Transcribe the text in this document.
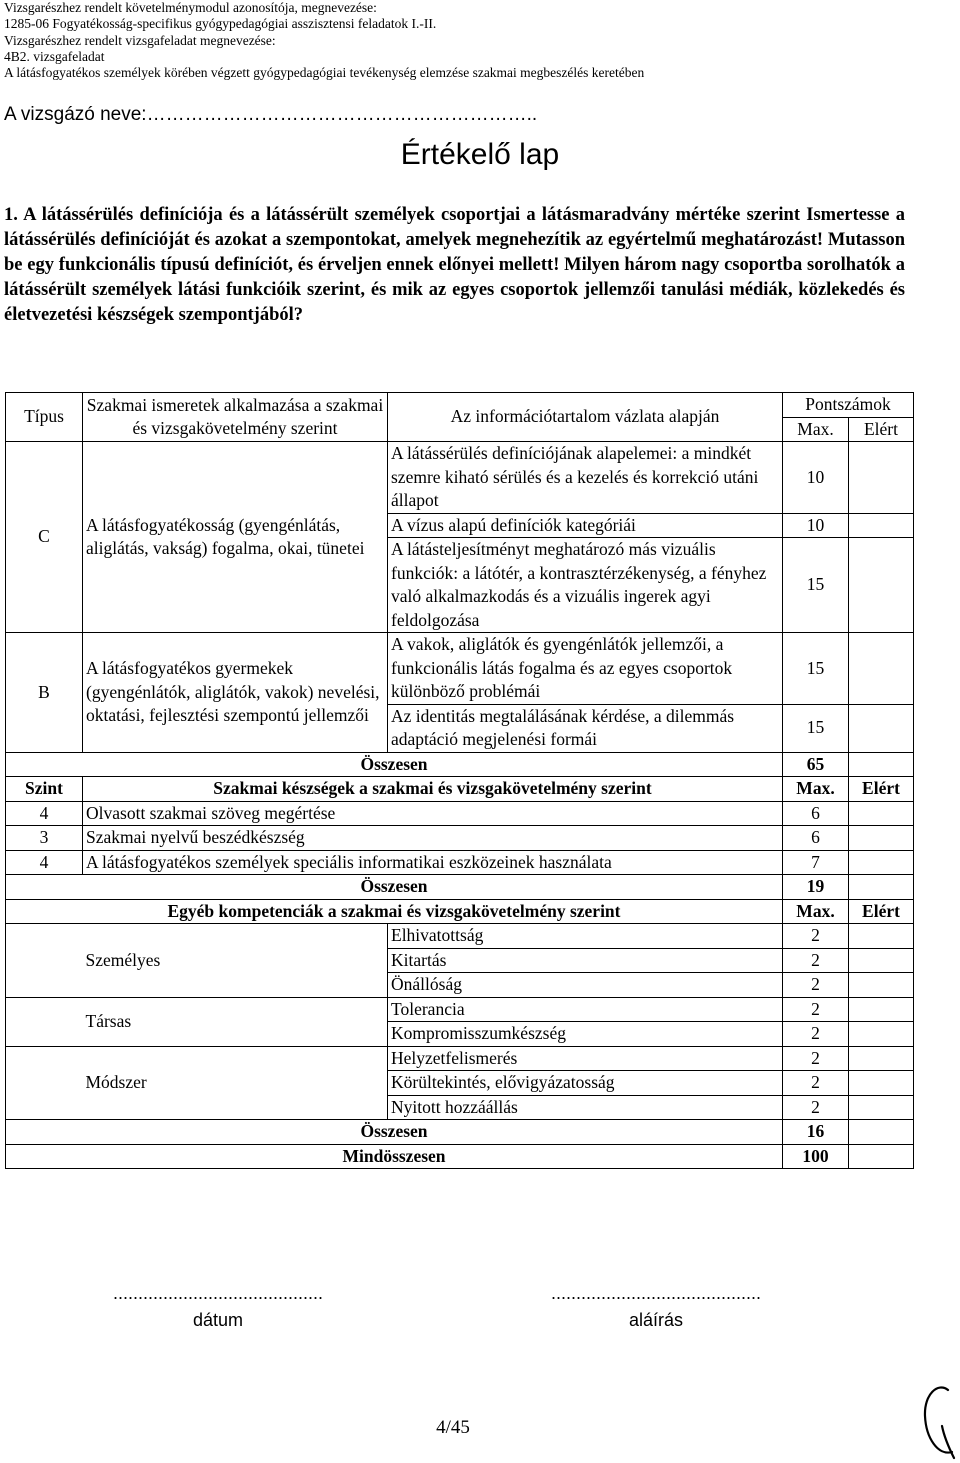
Vizsgarészhez rendelt követelménymodul azonosítója, megnevezése:
1285-06 Fogyatékosság-specifikus gyógypedagógiai asszisztensi feladatok I.-II.
Vizsgarészhez rendelt vizsgafeladat megnevezése:
4B2. vizsgafeladat
A látásfogyatékos személyek körében végzett gyógypedagógiai tevékenység elemzése szakmai megbeszélés keretében
A vizsgázó neve:……………………………………………………..
Értékelő lap
1. A látássérülés definíciója és a látássérült személyek csoportjai a látásmaradvány mértéke szerint Ismertesse a látássérülés definícióját és azokat a szempontokat, amelyek megnehezítik az egyértelmű meghatározást! Mutasson be egy funkcionális típusú definíciót, és érveljen ennek előnyei mellett! Milyen három nagy csoportba sorolhatók a látássérült személyek látási funkcióik szerint, és mik az egyes csoportok jellemzői tanulási médiák, közlekedés és életvezetési készségek szempontjából?
Típus	Szakmai ismeretek alkalmazása a szakmai és vizsgakövetelmény szerint	Az információtartalom vázlata alapján	Pontszámok	
			Max.	Elért
C	A látásfogyatékosság (gyengénlátás, aliglátás, vakság) fogalma, okai, tünetei	A látássérülés definíciójának alapelemei: a mindkét szemre kiható sérülés és a kezelés és korrekció utáni állapot	10	
		A vízus alapú definíciók kategóriái	10	
		A látásteljesítményt meghatározó más vizuális funkciók: a látótér, a kontrasztérzékenység, a fényhez való alkalmazkodás és a vizuális ingerek agyi feldolgozása	15	
B	A látásfogyatékos gyermekek (gyengénlátók, aliglátók, vakok) nevelési, oktatási, fejlesztési szempontú jellemzői	A vakok, aliglátók és gyengénlátók jellemzői, a funkcionális látás fogalma és az egyes csoportok különböző problémái	15	
		Az identitás megtalálásának kérdése, a dilemmás adaptáció megjelenési formái	15	
Összesen			65	
Szint	Szakmai készségek a szakmai és vizsgakövetelmény szerint		Max.	Elért
4	Olvasott szakmai szöveg megértése		6	
3	Szakmai nyelvű beszédkészség		6	
4	A látásfogyatékos személyek speciális informatikai eszközeinek használata		7	
Összesen			19	
Egyéb kompetenciák a szakmai és vizsgakövetelmény szerint			Max.	Elért
	Személyes	Elhivatottság	2	
		Kitartás	2	
		Önállóság	2	
	Társas	Tolerancia	2	
		Kompromisszumkészség	2	
	Módszer	Helyzetfelismerés	2	
		Körültekintés, elővigyázatosság	2	
		Nyitott hozzáállás	2	
Összesen			16	
Mindösszesen			100	
..........................................
dátum
..........................................
aláírás
4/45
